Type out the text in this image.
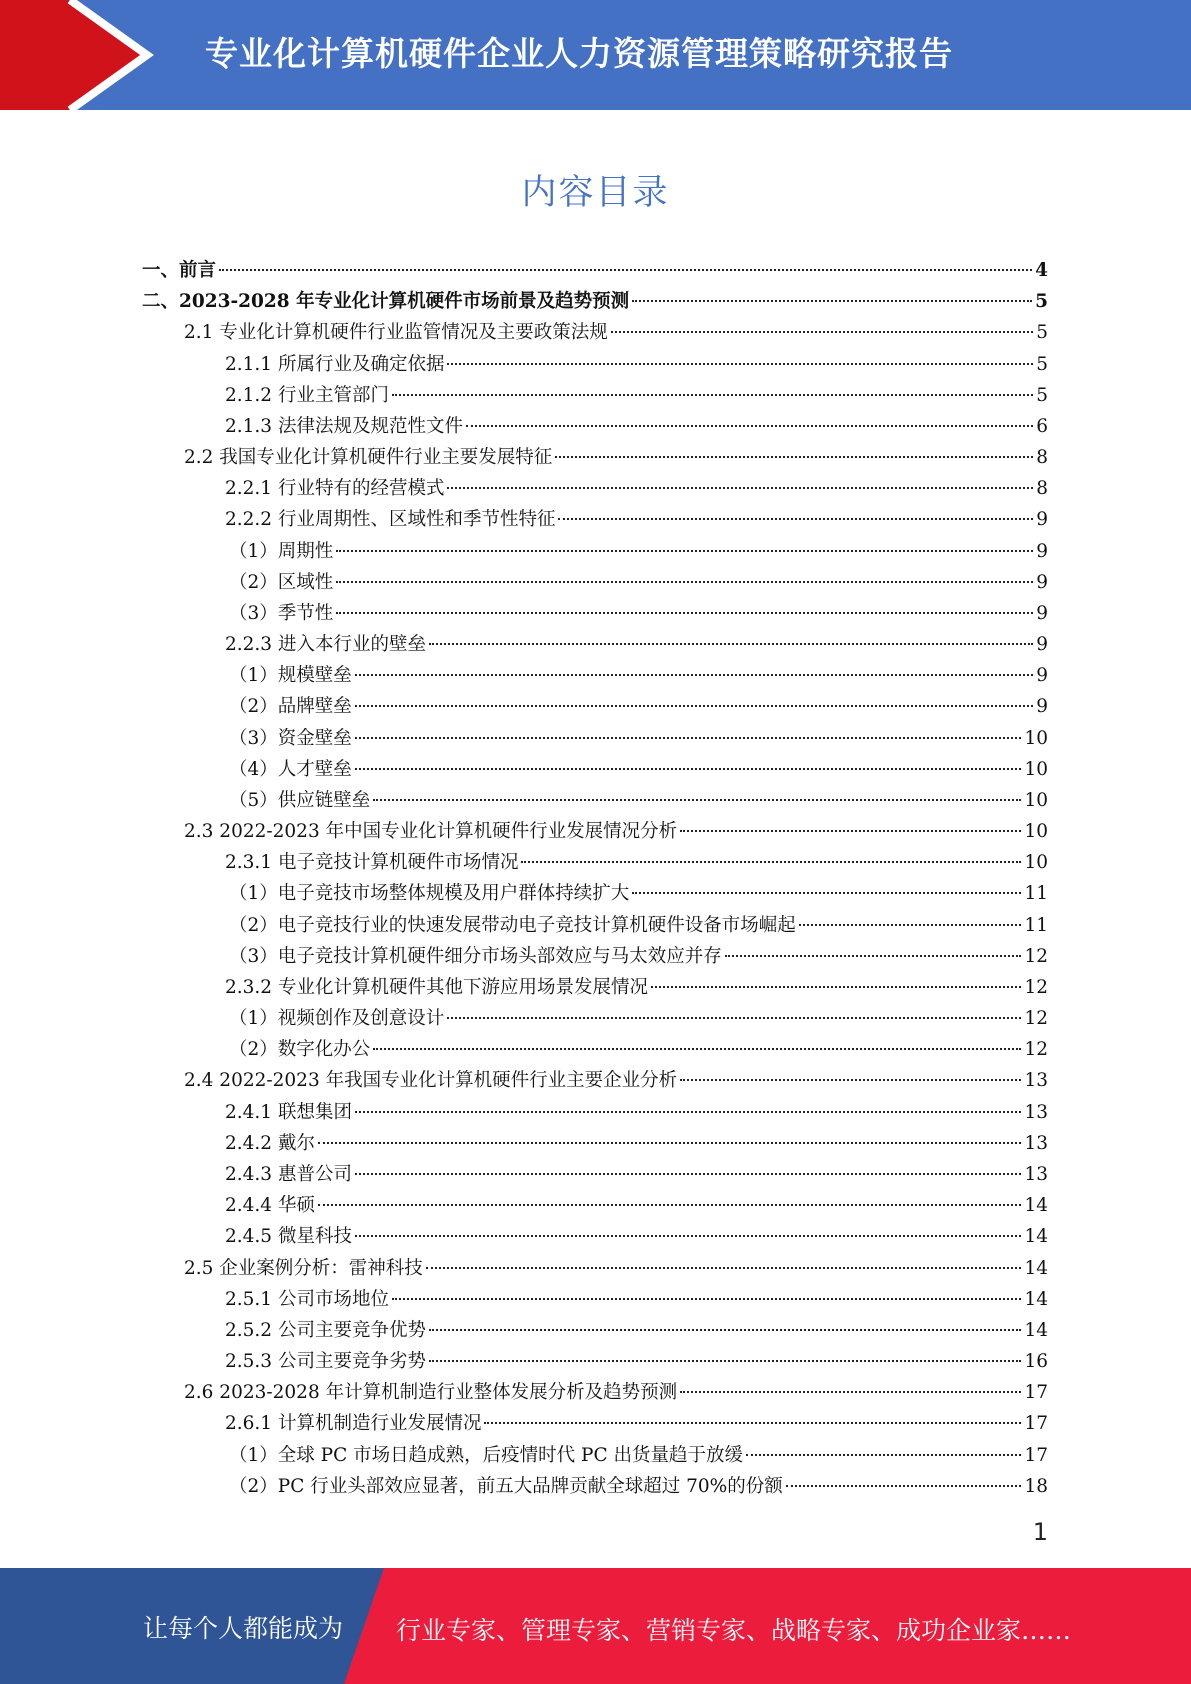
专业化计算机硬件企业人力资源管理策略研究报告
内容目录
一、前言	4
二、2023-2028 年专业化计算机硬件市场前景及趋势预测	5
2.1 专业化计算机硬件行业监管情况及主要政策法规	5
2.1.1 所属行业及确定依据	5
2.1.2 行业主管部门	5
2.1.3 法律法规及规范性文件	6
2.2 我国专业化计算机硬件行业主要发展特征	8
2.2.1 行业特有的经营模式	8
2.2.2 行业周期性、区域性和季节性特征	9
（1）周期性	9
（2）区域性	9
（3）季节性	9
2.2.3 进入本行业的壁垒	9
（1）规模壁垒	9
（2）品牌壁垒	9
（3）资金壁垒	10
（4）人才壁垒	10
（5）供应链壁垒	10
2.3 2022-2023 年中国专业化计算机硬件行业发展情况分析	10
2.3.1 电子竞技计算机硬件市场情况	10
（1）电子竞技市场整体规模及用户群体持续扩大	11
（2）电子竞技行业的快速发展带动电子竞技计算机硬件设备市场崛起	11
（3）电子竞技计算机硬件细分市场头部效应与马太效应并存	12
2.3.2 专业化计算机硬件其他下游应用场景发展情况	12
（1）视频创作及创意设计	12
（2）数字化办公	12
2.4 2022-2023 年我国专业化计算机硬件行业主要企业分析	13
2.4.1 联想集团	13
2.4.2 戴尔	13
2.4.3 惠普公司	13
2.4.4 华硕	14
2.4.5 微星科技	14
2.5 企业案例分析：雷神科技	14
2.5.1 公司市场地位	14
2.5.2 公司主要竞争优势	14
2.5.3 公司主要竞争劣势	16
2.6 2023-2028 年计算机制造行业整体发展分析及趋势预测	17
2.6.1 计算机制造行业发展情况	17
（1）全球 PC 市场日趋成熟，后疫情时代 PC 出货量趋于放缓	17
（2）PC 行业头部效应显著，前五大品牌贡献全球超过 70%的份额	18
1
让每个人都能成为 行业专家、管理专家、营销专家、战略专家、成功企业家……
